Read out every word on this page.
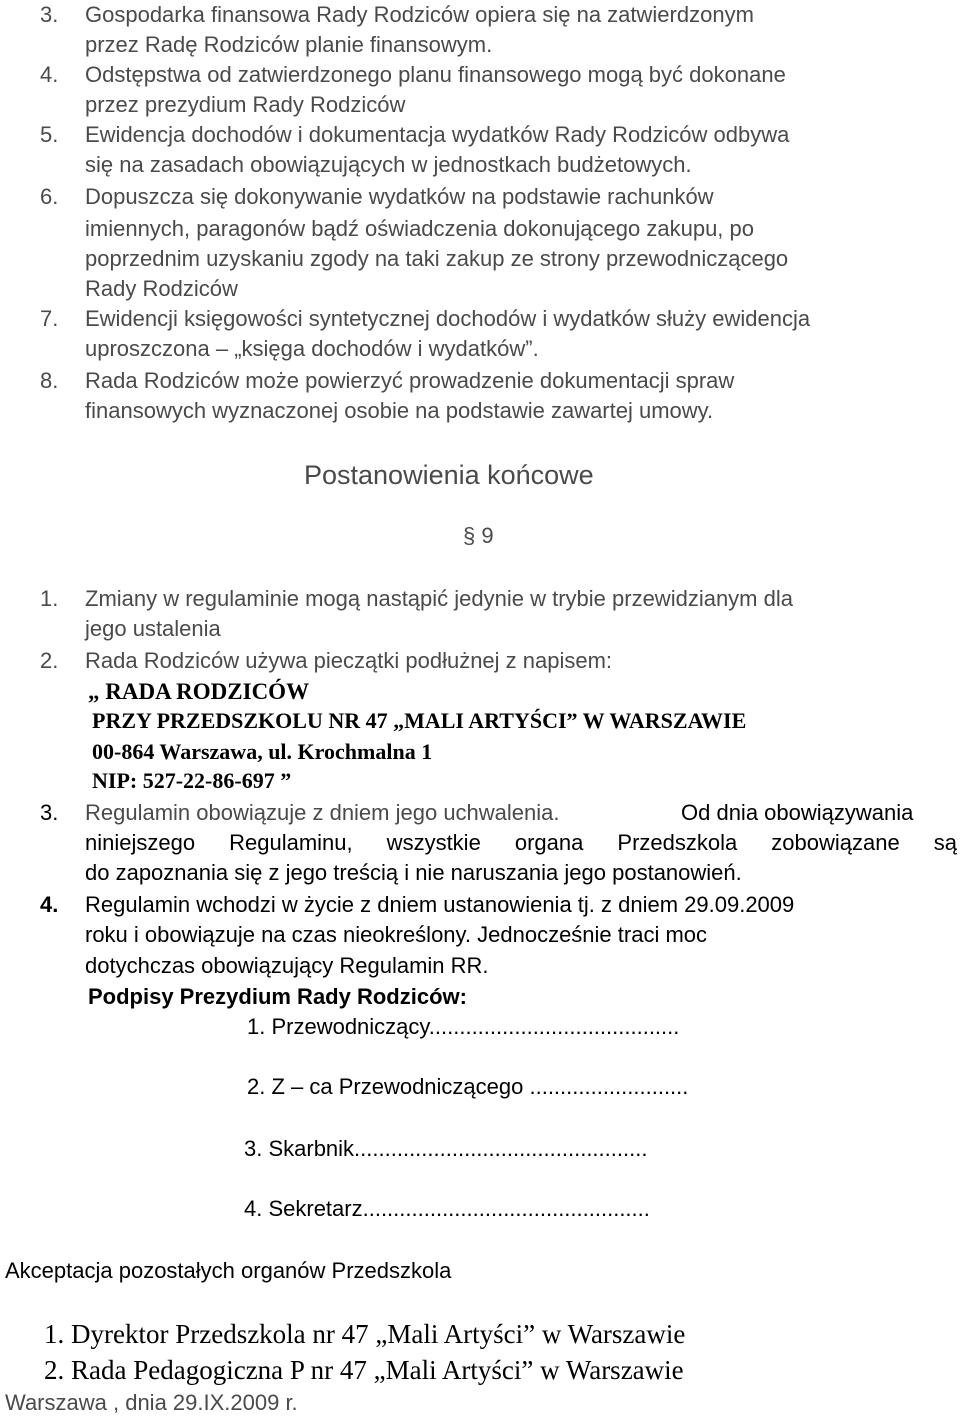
3. Gospodarka finansowa Rady Rodziców opiera się na zatwierdzonym
przez Radę Rodziców planie finansowym.
4. Odstępstwa od zatwierdzonego planu finansowego mogą być dokonane
przez prezydium Rady Rodziców
5. Ewidencja dochodów i dokumentacja wydatków Rady Rodziców odbywa
się na zasadach obowiązujących w jednostkach budżetowych.
6. Dopuszcza się dokonywanie wydatków na podstawie rachunków
imiennych, paragonów bądź oświadczenia dokonującego zakupu, po
poprzednim uzyskaniu zgody na taki zakup ze strony przewodniczącego
Rady Rodziców
7. Ewidencji księgowości syntetycznej dochodów i wydatków służy ewidencja
uproszczona – „księga dochodów i wydatków”.
8. Rada Rodziców może powierzyć prowadzenie dokumentacji spraw
finansowych wyznaczonej osobie na podstawie zawartej umowy.
Postanowienia końcowe
§ 9
1. Zmiany w regulaminie mogą nastąpić jedynie w trybie przewidzianym dla
jego ustalenia
2. Rada Rodziców używa pieczątki podłużnej z napisem:
„ RADA RODZICÓW
PRZY PRZEDSZKOLU NR 47 „MALI ARTYŚCI” W WARSZAWIE
00-864 Warszawa, ul. Krochmalna 1
NIP: 527-22-86-697 ”
3. Regulamin obowiązuje z dniem jego uchwalenia.	Od dnia obowiązywania
niniejszego Regulaminu, wszystkie organa Przedszkola zobowiązane są
do zapoznania się z jego treścią i nie naruszania jego postanowień.
4. Regulamin wchodzi w życie z dniem ustanowienia tj. z dniem 29.09.2009
roku i obowiązuje na czas nieokreślony. Jednocześnie traci moc
dotychczas obowiązujący Regulamin RR.
Podpisy Prezydium Rady Rodziców:
1. Przewodniczący.........................................
2. Z – ca Przewodniczącego ..........................
3. Skarbnik................................................
4. Sekretarz...............................................
Akceptacja pozostałych organów Przedszkola
1. Dyrektor Przedszkola nr 47 „Mali Artyści” w Warszawie
2. Rada Pedagogiczna P nr 47 „Mali Artyści” w Warszawie
Warszawa , dnia 29.IX.2009 r.
